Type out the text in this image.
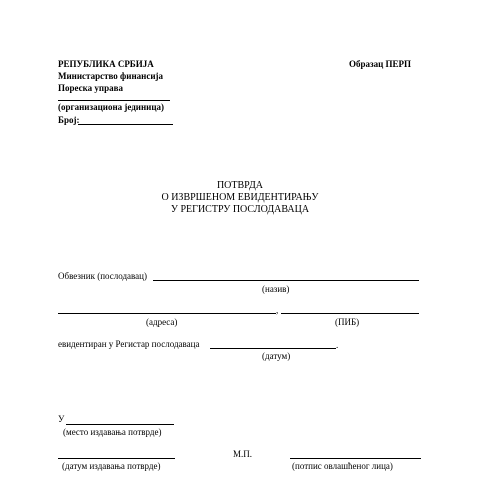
РЕПУБЛИКА СРБИЈА
Министарство финансија
Пореска управа
(организациона јединица)
Број:
Образац ПЕРП
ПОТВРДА
О ИЗВРШЕНОМ ЕВИДЕНТИРАЊУ
У РЕГИСТРУ ПОСЛОДАВАЦА
Обвезник (послодавац)
(назив)
,
(адреса)	(ПИБ)
евидентиран у Регистар послодаваца	.
(датум)
У
(место издавања потврде)
(датум издавања потврде)
М.П.
(потпис овлашћеног лица)
